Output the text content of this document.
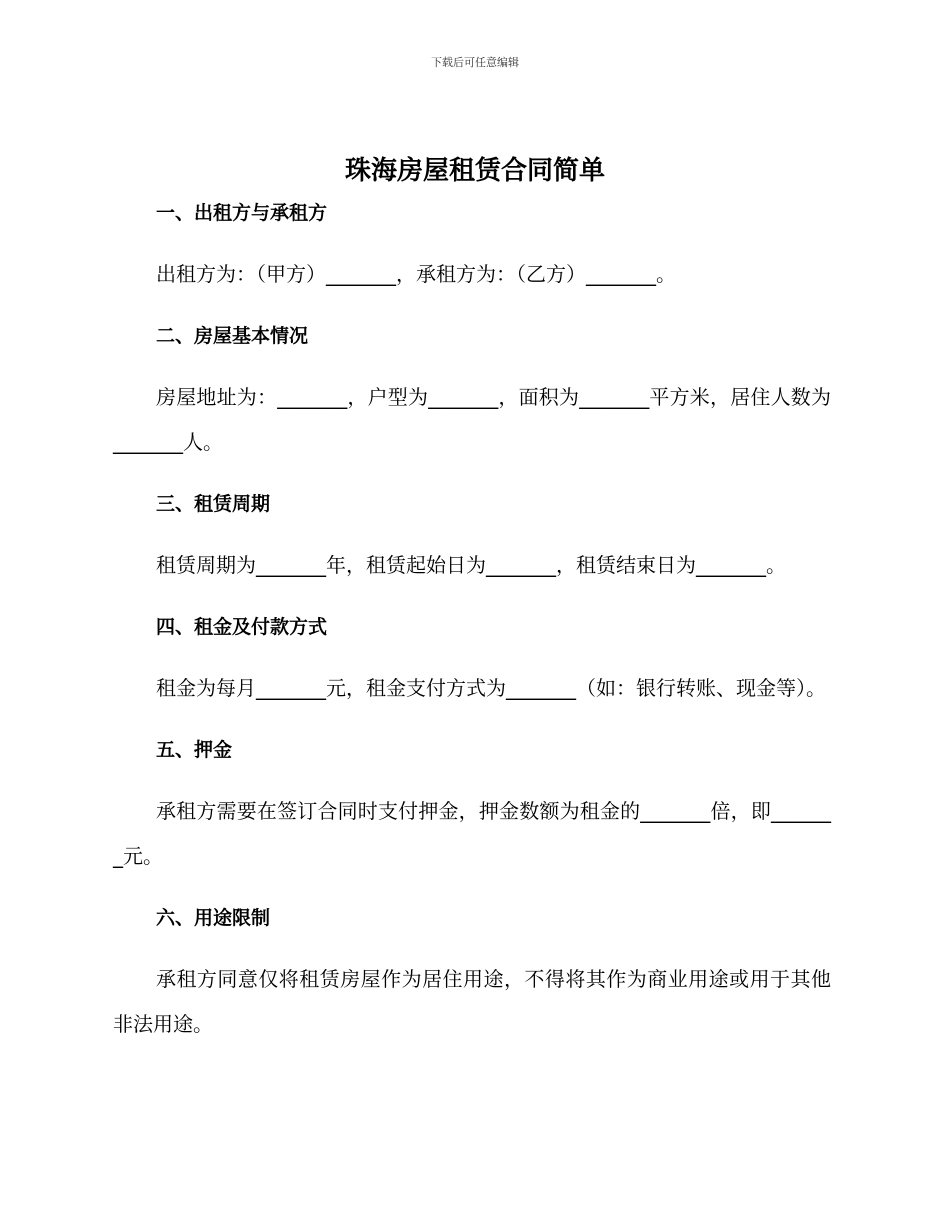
下载后可任意编辑
珠海房屋租赁合同简单

一、出租方与承租方

出租方为：（甲方）_______，承租方为：（乙方）_______。

二、房屋基本情况

房屋地址为：_______，户型为_______，面积为_______平方米，居住人数为_______人。

三、租赁周期

租赁周期为_______年，租赁起始日为_______，租赁结束日为_______。

四、租金及付款方式

租金为每月_______元，租金支付方式为_______（如：银行转账、现金等）。

五、押金

承租方需要在签订合同时支付押金，押金数额为租金的_______倍，即_______元。

六、用途限制

承租方同意仅将租赁房屋作为居住用途，不得将其作为商业用途或用于其他非法用途。
